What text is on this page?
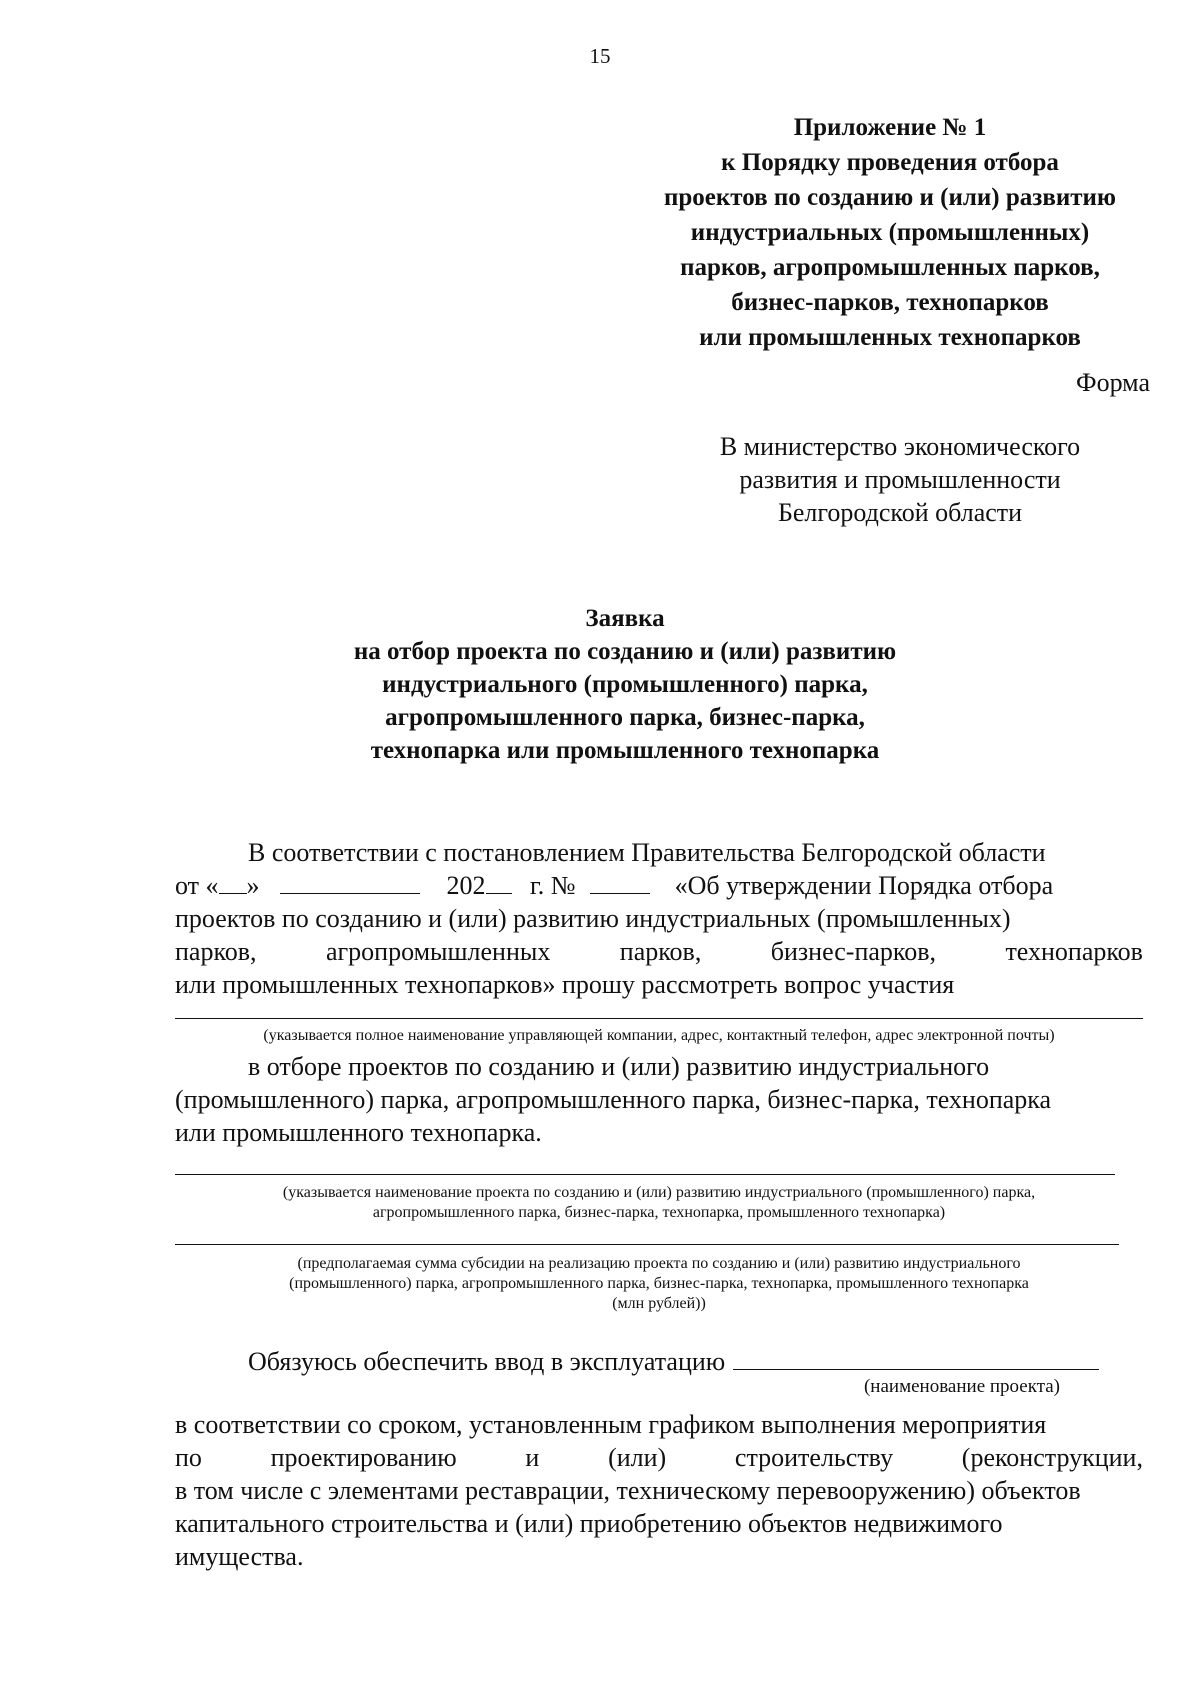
15
Приложение № 1
к Порядку проведения отбора
проектов по созданию и (или) развитию
индустриальных (промышленных)
парков, агропромышленных парков,
бизнес-парков, технопарков
или промышленных технопарков
Форма
В министерство экономического
развития и промышленности
Белгородской области
Заявка
на отбор проекта по созданию и (или) развитию
индустриального (промышленного) парка,
агропромышленного парка, бизнес-парка,
технопарка или промышленного технопарка
В соответствии с постановлением Правительства Белгородской области
от « »	202 г. №	«Об утверждении Порядка отбора
проектов по созданию и (или) развитию индустриальных (промышленных)
парков,	агропромышленных	парков,	бизнес-парков,	технопарков
или промышленных технопарков» прошу рассмотреть вопрос участия
(указывается полное наименование управляющей компании, адрес, контактный телефон, адрес электронной почты)
в отборе проектов по созданию и (или) развитию индустриального
(промышленного) парка, агропромышленного парка, бизнес-парка, технопарка
или промышленного технопарка.
(указывается наименование проекта по созданию и (или) развитию индустриального (промышленного) парка,
агропромышленного парка, бизнес-парка, технопарка, промышленного технопарка)
(предполагаемая сумма субсидии на реализацию проекта по созданию и (или) развитию индустриального
(промышленного) парка, агропромышленного парка, бизнес-парка, технопарка, промышленного технопарка
(млн рублей))
Обязуюсь обеспечить ввод в эксплуатацию
(наименование проекта)
в соответствии со сроком, установленным графиком выполнения мероприятия
по	проектированию	и	(или)	строительству	(реконструкции,
в том числе с элементами реставрации, техническому перевооружению) объектов
капитального строительства и (или) приобретению объектов недвижимого
имущества.
